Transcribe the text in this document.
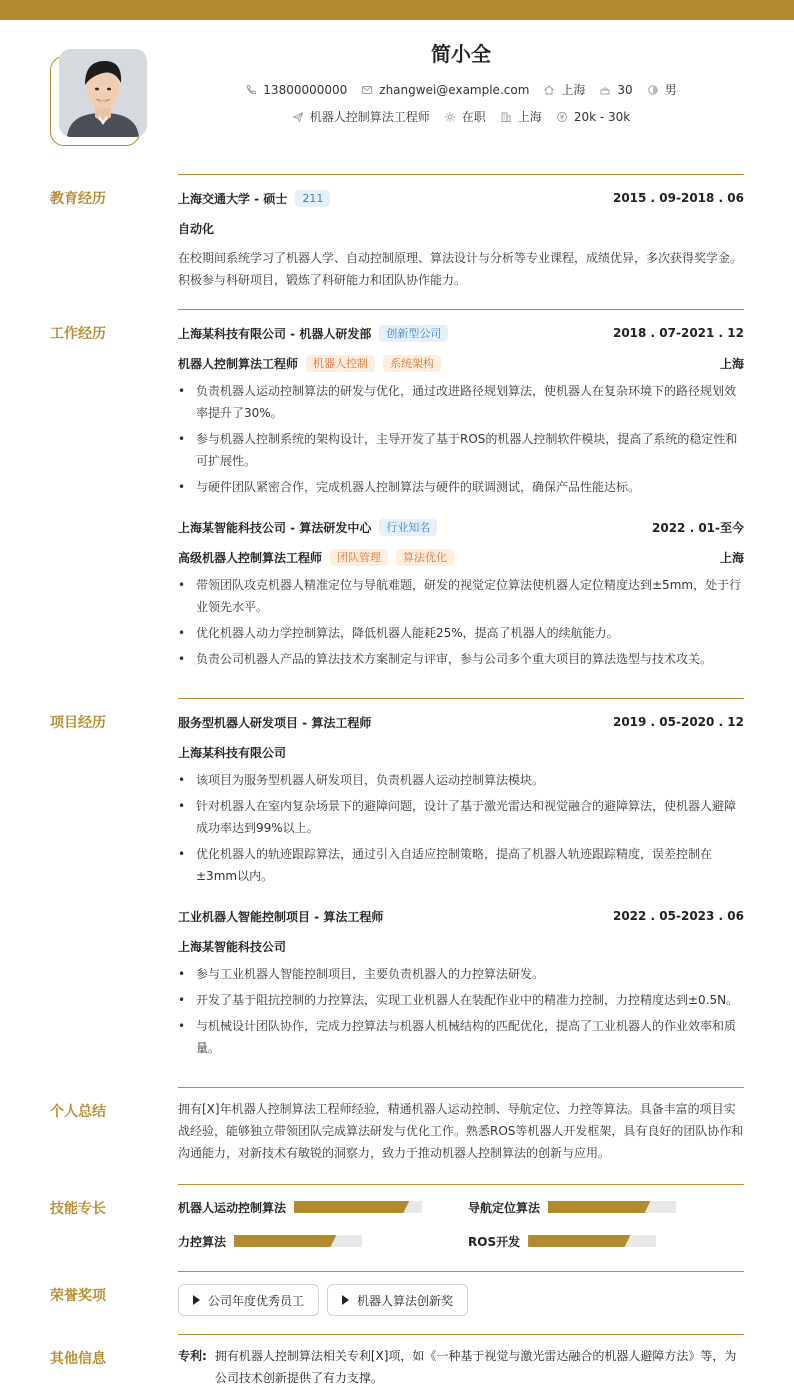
简小全
13800000000	zhangwei@example.com	上海	30	男
机器人控制算法工程师	在职	上海	20k - 30k
教育经历	上海交通大学 - 硕士	211	2015 . 09-2018 . 06
自动化
在校期间系统学习了机器人学、自动控制原理、算法设计与分析等专业课程，成绩优异，多次获得奖学金。积极参与科研项目，锻炼了科研能力和团队协作能力。
工作经历	上海某科技有限公司 - 机器人研发部	创新型公司	2018 . 07-2021 . 12
机器人控制算法工程师	机器人控制	系统架构	上海
• 负责机器人运动控制算法的研发与优化，通过改进路径规划算法，使机器人在复杂环境下的路径规划效率提升了30%。
• 参与机器人控制系统的架构设计，主导开发了基于ROS的机器人控制软件模块，提高了系统的稳定性和可扩展性。
• 与硬件团队紧密合作，完成机器人控制算法与硬件的联调测试，确保产品性能达标。
上海某智能科技公司 - 算法研发中心	行业知名	2022 . 01-至今
高级机器人控制算法工程师	团队管理	算法优化	上海
• 带领团队攻克机器人精准定位与导航难题，研发的视觉定位算法使机器人定位精度达到±5mm，处于行业领先水平。
• 优化机器人动力学控制算法，降低机器人能耗25%，提高了机器人的续航能力。
• 负责公司机器人产品的算法技术方案制定与评审，参与公司多个重大项目的算法选型与技术攻关。
项目经历	服务型机器人研发项目 - 算法工程师	2019 . 05-2020 . 12
上海某科技有限公司
• 该项目为服务型机器人研发项目，负责机器人运动控制算法模块。
• 针对机器人在室内复杂场景下的避障问题，设计了基于激光雷达和视觉融合的避障算法，使机器人避障成功率达到99%以上。
• 优化机器人的轨迹跟踪算法，通过引入自适应控制策略，提高了机器人轨迹跟踪精度，误差控制在±3mm以内。
工业机器人智能控制项目 - 算法工程师	2022 . 05-2023 . 06
上海某智能科技公司
• 参与工业机器人智能控制项目，主要负责机器人的力控算法研发。
• 开发了基于阻抗控制的力控算法，实现工业机器人在装配作业中的精准力控制，力控精度达到±0.5N。
• 与机械设计团队协作，完成力控算法与机器人机械结构的匹配优化，提高了工业机器人的作业效率和质量。
个人总结	拥有[X]年机器人控制算法工程师经验，精通机器人运动控制、导航定位、力控等算法。具备丰富的项目实战经验，能够独立带领团队完成算法研发与优化工作。熟悉ROS等机器人开发框架，具有良好的团队协作和沟通能力，对新技术有敏锐的洞察力，致力于推动机器人控制算法的创新与应用。
技能专长	机器人运动控制算法	导航定位算法
力控算法	ROS开发
荣誉奖项	公司年度优秀员工	机器人算法创新奖
其他信息	专利: 拥有机器人控制算法相关专利[X]项，如《一种基于视觉与激光雷达融合的机器人避障方法》等，为公司技术创新提供了有力支撑。
